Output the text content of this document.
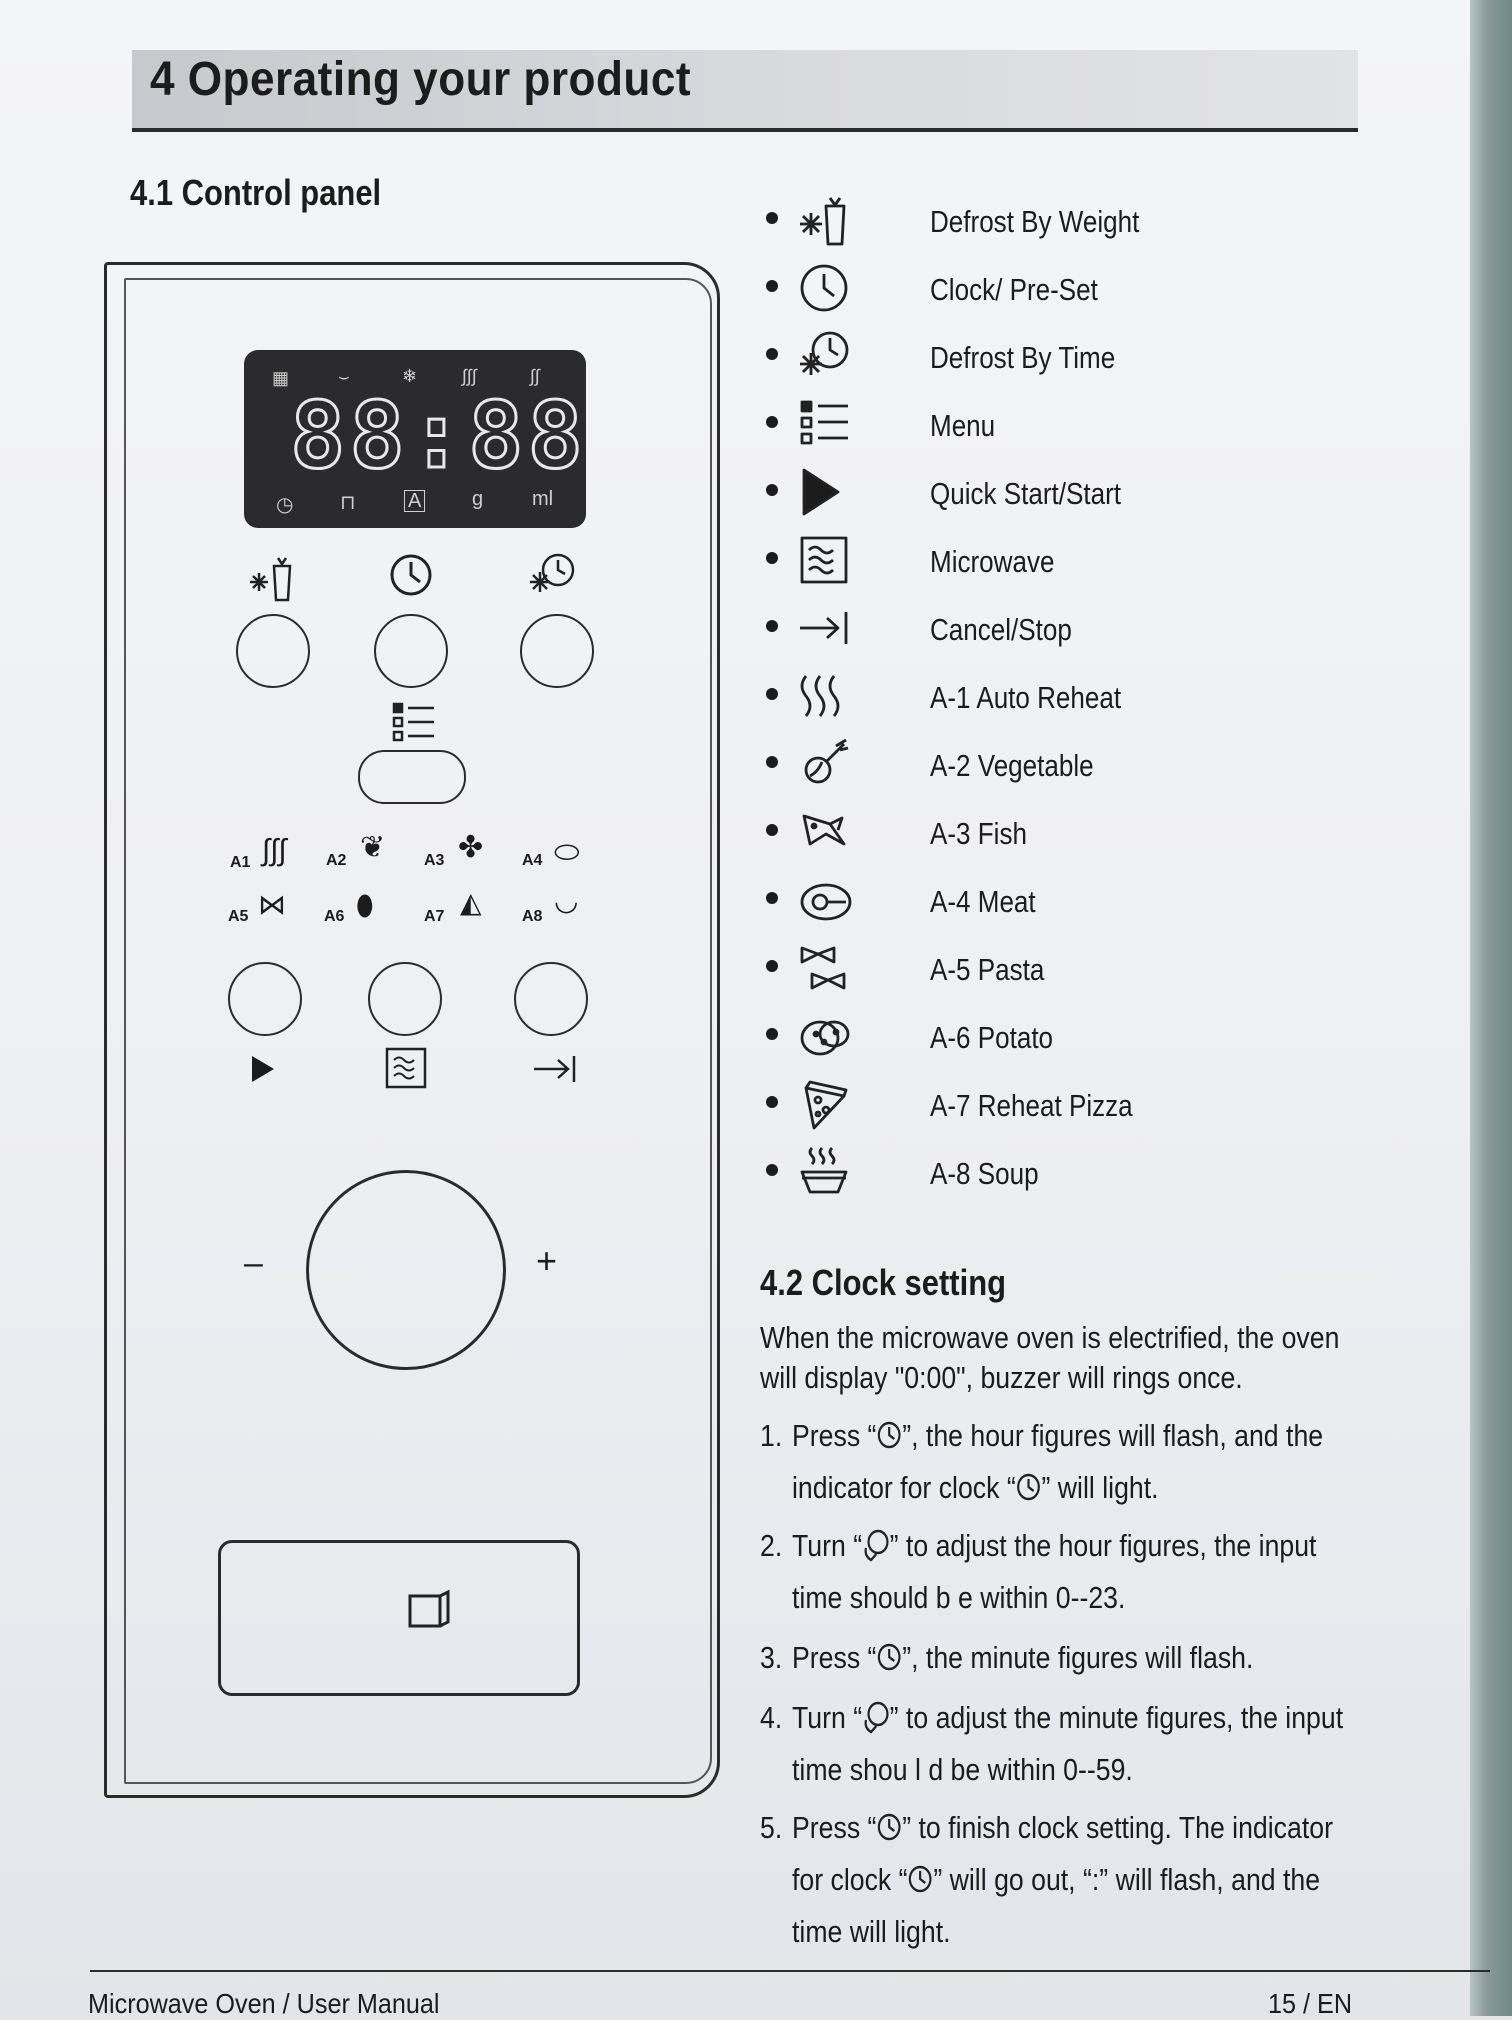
4 Operating your product
4.1 Control panel
▦	⌣	❄ ∫∫∫	∫∫
88:88
◷ ⊓	A	g ml
A1	A2	A3	A4
A5	A6	A7	A8
∫∫∫ ❦ ✤ ⬭
⋈	⬮	◭	◡
–	+
Defrost By Weight
Clock/ Pre-Set
Defrost By Time
Menu
Quick Start/Start
Microwave
Cancel/Stop
A-1 Auto Reheat
A-2 Vegetable
A-3 Fish
A-4 Meat
A-5 Pasta
A-6 Potato
A-7 Reheat Pizza
A-8 Soup
4.2 Clock setting
When the microwave oven is electrified, the oven
will display "0:00", buzzer will rings once.
1. Press “ ”, the hour figures will flash, and the
indicator for clock “ ” will light.
2. Turn “ ” to adjust the hour figures, the input
time should b e within 0--23.
3. Press “ ”, the minute figures will flash.
4. Turn “ ” to adjust the minute figures, the input
time shou l d be within 0--59.
5. Press “ ” to finish clock setting. The indicator
for clock “ ” will go out, “:” will flash, and the
time will light.
Microwave Oven / User Manual	15 / EN
